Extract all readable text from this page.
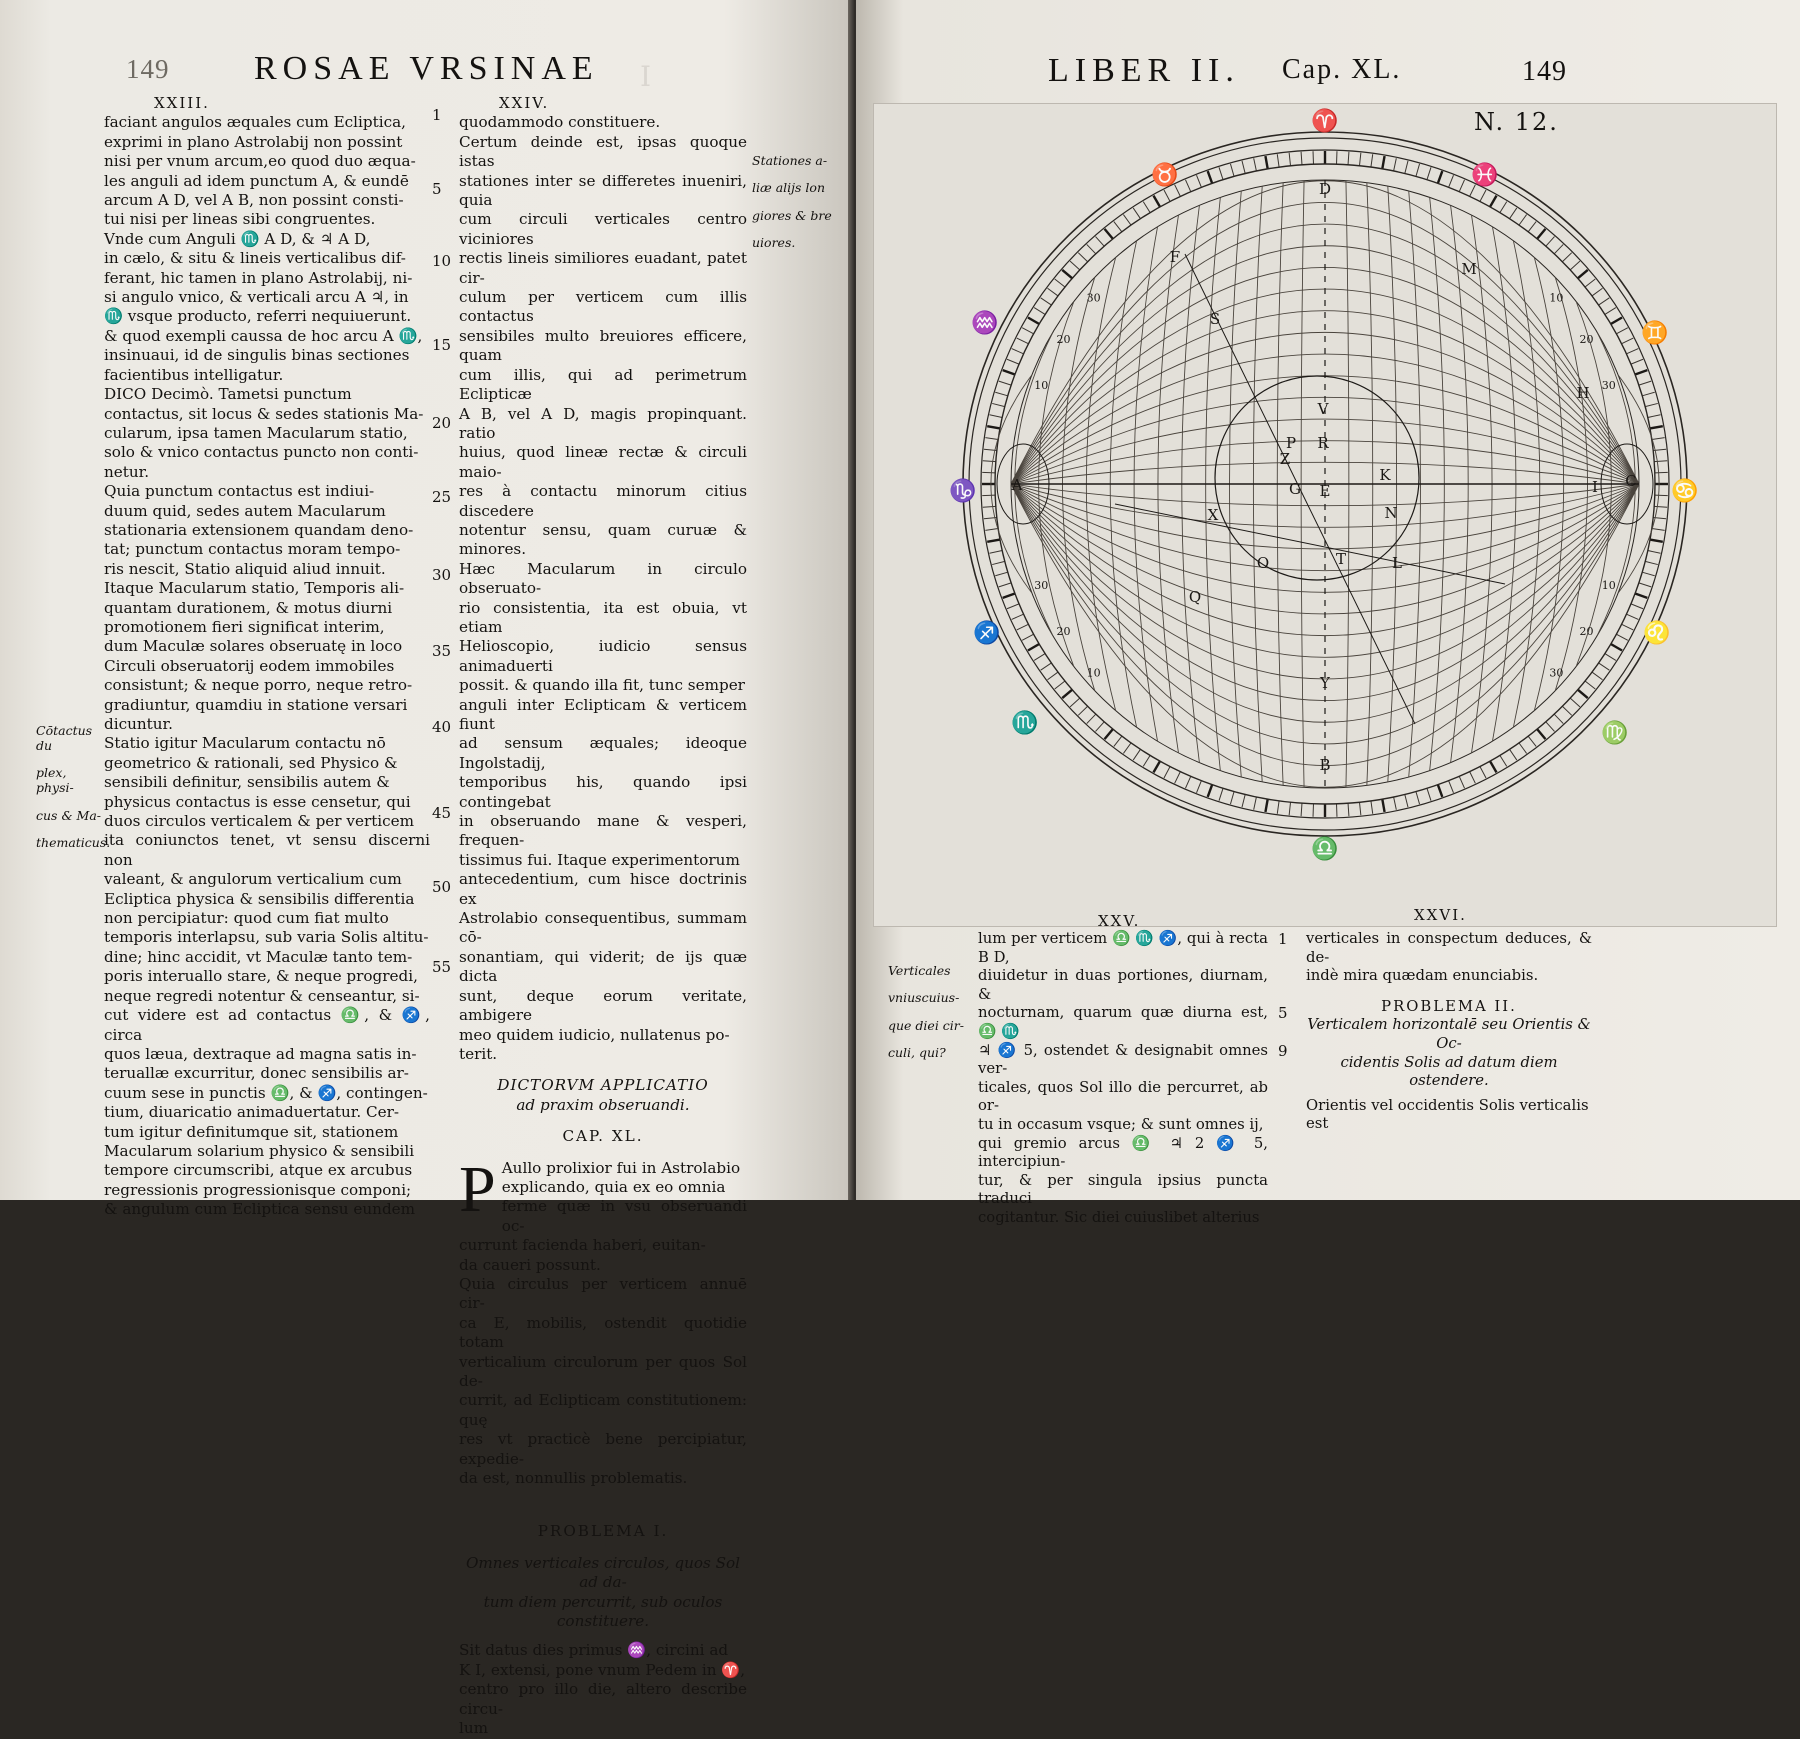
149 ROSAE VRSINAE I
XXIII.

faciant angulos æquales cum Ecliptica,

exprimi in plano Astrolabij non possint

nisi per vnum arcum,eo quod duo æqua-

les anguli ad idem punctum A, & eundē

arcum A D, vel A B, non possint consti-

tui nisi per lineas sibi congruentes.

Vnde cum Anguli ♏ A D, & ♃ A D,

in cælo, & situ & lineis verticalibus dif-

ferant, hic tamen in plano Astrolabij, ni-

si angulo vnico, & verticali arcu A ♃, in

♏ vsque producto, referri nequiuerunt.

& quod exempli caussa de hoc arcu A ♏,

insinuaui, id de singulis binas sectiones

facientibus intelligatur.

DICO Decimò. Tametsi punctum

contactus, sit locus & sedes stationis Ma-

cularum, ipsa tamen Macularum statio,

solo & vnico contactus puncto non conti-

netur.

Quia punctum contactus est indiui-

duum quid, sedes autem Macularum

stationaria extensionem quandam deno-

tat; punctum contactus moram tempo-

ris nescit, Statio aliquid aliud innuit.

Itaque Macularum statio, Temporis ali-

quantam durationem, & motus diurni

promotionem fieri significat interim,

dum Maculæ solares obseruatę in loco

Circuli obseruatorij eodem immobiles

consistunt; & neque porro, neque retro-

gradiuntur, quamdiu in statione versari

dicuntur.

Statio igitur Macularum contactu nō

geometrico & rationali, sed Physico &

sensibili definitur, sensibilis autem &

physicus contactus is esse censetur, qui

duos circulos verticalem & per verticem

ita coniunctos tenet, vt sensu discerni non

valeant, & angulorum verticalium cum

Ecliptica physica & sensibilis differentia

non percipiatur: quod cum fiat multo

temporis interlapsu, sub varia Solis altitu-

dine; hinc accidit, vt Maculæ tanto tem-

poris interuallo stare, & neque progredi,

neque regredi notentur & censeantur, si-

cut videre est ad contactus ♎, & ♐, circa

quos læua, dextraque ad magna satis in-

teruallæ excurritur, donec sensibilis ar-

cuum sese in punctis ♎, & ♐, contingen-

tium, diuaricatio animaduertatur. Cer-

tum igitur definitumque sit, stationem

Macularum solarium physico & sensibili

tempore circumscribi, atque ex arcubus

regressionis progressionisque componi;

& angulum cum Ecliptica sensu eundem

1
5
10
15
20
25
30
35
40
45
50
55
XXIV.

quodammodo constituere.

Certum deinde est, ipsas quoque istas

stationes inter se differetes inueniri, quia

cum circuli verticales centro viciniores

rectis lineis similiores euadant, patet cir-

culum per verticem cum illis contactus

sensibiles multo breuiores efficere, quam

cum illis, qui ad perimetrum Eclipticæ

A B, vel A D, magis propinquant. ratio

huius, quod lineæ rectæ & circuli maio-

res à contactu minorum citius discedere

notentur sensu, quam curuæ & minores.

Hæc Macularum in circulo obseruato-

rio consistentia, ita est obuia, vt etiam

Helioscopio, iudicio sensus animaduerti

possit. & quando illa fit, tunc semper

anguli inter Eclipticam & verticem fiunt

ad sensum æquales; ideoque Ingolstadij,

temporibus his, quando ipsi contingebat

in obseruando mane & vesperi, frequen-

tissimus fui. Itaque experimentorum

antecedentium, cum hisce doctrinis ex

Astrolabio consequentibus, summam cō-

sonantiam, qui viderit; de ijs quæ dicta

sunt, deque eorum veritate, ambigere

meo quidem iudicio, nullatenus po-

terit.

DICTORVM APPLICATIO
ad praxim obseruandi.
CAP. XL.
P Aullo prolixior fui in Astrolabio

explicando, quia ex eo omnia

ferme quæ in vsu obseruandi oc-

currunt facienda haberi, euitan-

da caueri possunt.

Quia circulus per verticem annuē cir-

ca E, mobilis, ostendit quotidie totam

verticalium circulorum per quos Sol de-

currit, ad Eclipticam constitutionem: quę

res vt practicè bene percipiatur, expedie-

da est, nonnullis problematis.

PROBLEMA I.

Omnes verticales circulos, quos Sol ad da-

tum diem percurrit, sub oculos

constituere.

Sit datus dies primus ♒, circini ad

K I, extensi, pone vnum Pedem in ♈,

centro pro illo die, altero describe circu-

lum

Stationes a-

liæ alijs lon

giores & bre

uiores.

Cōtactus du

plex, physi-

cus & Ma-

thematicus.

LIBER II. Cap. XL.	149
A
B
C
D
E
F
G
H
I
K
L
M
N
O
P
Q
R
S
T
V
X
Y
Z
♈
♉
♊
♋
♌
♍
♎
♏
♐
♑
♒
♓
10
20
30	10
20
30
10
20
30
10
20
30
N. 12.
XXV.	XXVI.

Verticales

vniuscuius-

que diei cir-

culi, qui?

lum per verticem ♎ ♏ ♐, qui à recta B D,

diuidetur in duas portiones, diurnam, &

nocturnam, quarum quæ diurna est, ♎ ♏

♃ ♐ 5, ostendet & designabit omnes ver-

ticales, quos Sol illo die percurret, ab or-

tu in occasum vsque; & sunt omnes ij,

qui gremio arcus ♎ ♃ 2 ♐ 5, intercipiun-

tur, & per singula ipsius puncta traduci

cogitantur. Sic diei cuiuslibet alterius

1
5
9

verticales in conspectum deduces, & de-

indè mira quædam enunciabis.

PROBLEMA II.

Verticalem horizontalē seu Orientis & Oc-

cidentis Solis ad datum diem

ostendere.

Orientis vel occidentis Solis verticalis

est
